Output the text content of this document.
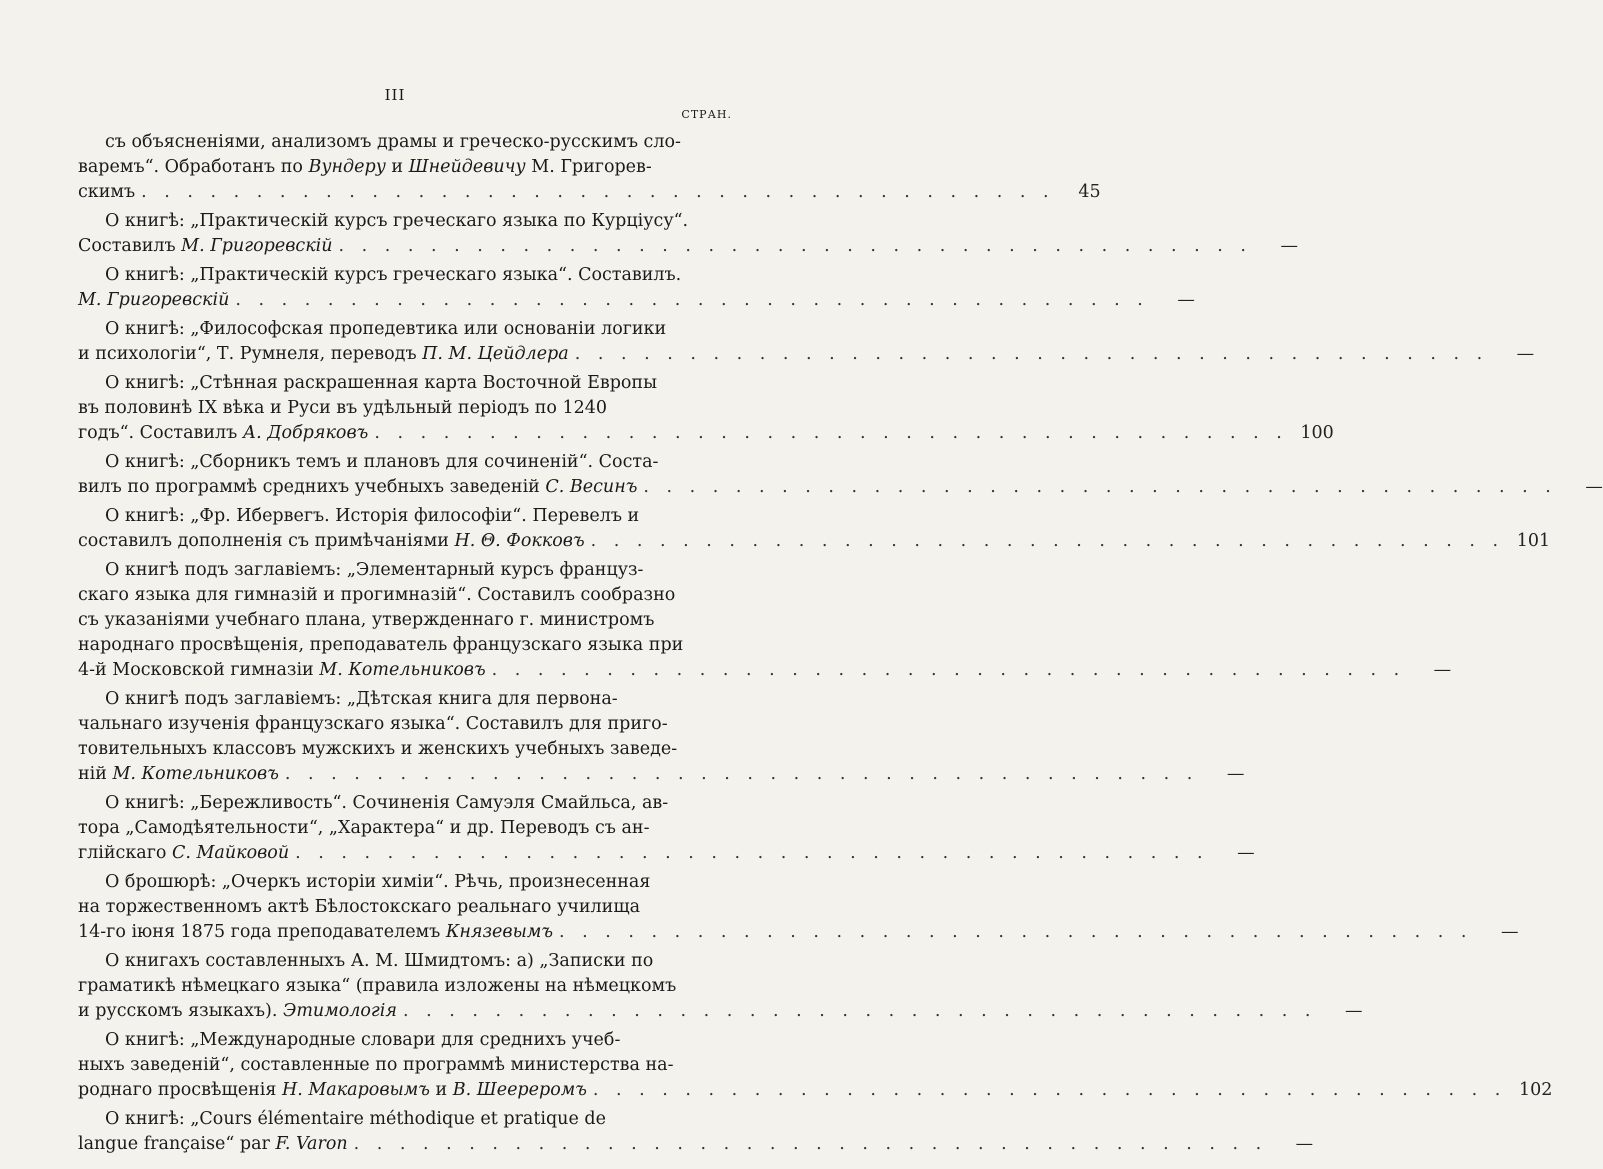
III
СТРАН.
съ объясненіями, анализомъ драмы и греческо-русскимъ сло-
варемъ“. Обработанъ по Вундеру и Шнейдевичу М. Григорев-
скимъ . . . . . . . . . . . . . . . . . . . . . . . . . . . . . . . . . . . . . . . .	45
О книгѣ: „Практическій курсъ греческаго языка по Курціусу“.
Составилъ М. Григоревскій . . . . . . . . . . . . . . . . . . . . . . . . . . . . . . . . . . . . . . . .	—
О книгѣ: „Практическій курсъ греческаго языка“. Составилъ.
М. Григоревскій . . . . . . . . . . . . . . . . . . . . . . . . . . . . . . . . . . . . . . . .	—
О книгѣ: „Философская пропедевтика или основаніи логики
и психологіи“, Т. Румнеля, переводъ П. М. Цейдлера . . . . . . . . . . . . . . . . . . . . . . . . . . . . . . . . . . . . . . . .	—
О книгѣ: „Стѣнная раскрашенная карта Восточной Европы
въ половинѣ IX вѣка и Руси въ удѣльный періодъ по 1240
годъ“. Составилъ А. Добряковъ . . . . . . . . . . . . . . . . . . . . . . . . . . . . . . . . . . . . . . . . 100
О книгѣ: „Сборникъ темъ и плановъ для сочиненій“. Соста-
вилъ по программѣ среднихъ учебныхъ заведеній С. Весинъ . . . . . . . . . . . . . . . . . . . . . . . . . . . . . . . . . . . . . . . .	—
О книгѣ: „Фр. Ибервегъ. Исторія философіи“. Перевелъ и
составилъ дополненія съ примѣчаніями Н. Θ. Фокковъ . . . . . . . . . . . . . . . . . . . . . . . . . . . . . . . . . . . . . . . . 101
О книгѣ подъ заглавіемъ: „Элементарный курсъ француз-
скаго языка для гимназій и прогимназій“. Составилъ сообразно
съ указаніями учебнаго плана, утвержденнаго г. министромъ
народнаго просвѣщенія, преподаватель французскаго языка при
4-й Московской гимназіи М. Котельниковъ . . . . . . . . . . . . . . . . . . . . . . . . . . . . . . . . . . . . . . . .	—
О книгѣ подъ заглавіемъ: „Дѣтская книга для первона-
чальнаго изученія французскаго языка“. Составилъ для приго-
товительныхъ классовъ мужскихъ и женскихъ учебныхъ заведе-
ній М. Котельниковъ . . . . . . . . . . . . . . . . . . . . . . . . . . . . . . . . . . . . . . . .	—
О книгѣ: „Бережливость“. Сочиненія Самуэля Смайльса, ав-
тора „Самодѣятельности“, „Характера“ и др. Переводъ съ ан-
глійскаго С. Майковой . . . . . . . . . . . . . . . . . . . . . . . . . . . . . . . . . . . . . . . .	—
О брошюрѣ: „Очеркъ исторіи химіи“. Рѣчь, произнесенная
на торжественномъ актѣ Бѣлостокскаго реальнаго училища
14-го іюня 1875 года преподавателемъ Князевымъ . . . . . . . . . . . . . . . . . . . . . . . . . . . . . . . . . . . . . . . .	—
О книгахъ составленныхъ А. М. Шмидтомъ: а) „Записки по
граматикѣ нѣмецкаго языка“ (правила изложены на нѣмецкомъ
и русскомъ языкахъ). Этимологія . . . . . . . . . . . . . . . . . . . . . . . . . . . . . . . . . . . . . . . .	—
О книгѣ: „Международные словари для среднихъ учеб-
ныхъ заведеній“, составленные по программѣ министерства на-
роднаго просвѣщенія Н. Макаровымъ и В. Шеереромъ . . . . . . . . . . . . . . . . . . . . . . . . . . . . . . . . . . . . . . . . 102
О книгѣ: „Cours élémentaire méthodique et pratique de
langue française“ par F. Varon . . . . . . . . . . . . . . . . . . . . . . . . . . . . . . . . . . . . . . . .	—
